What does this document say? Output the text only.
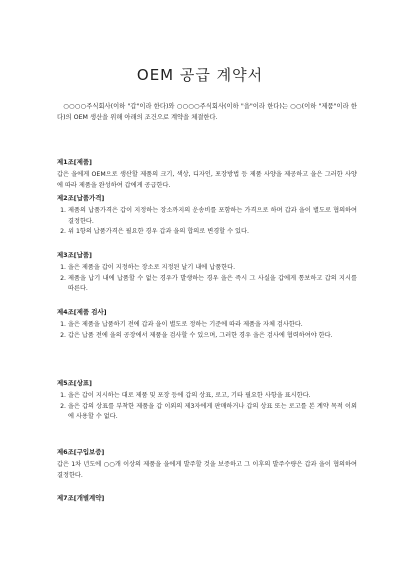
OEM 공급 계약서
○○○○주식회사(이하 "갑"이라 한다)와 ○○○○주식회사(이하 "을"이라 한다)는 ○○(이하 "제품"이라 한다)의 OEM 생산을 위해 아래의 조건으로 계약을 체결한다.
제1조[제품]
갑은 을에게 OEM으로 생산할 제품의 크기, 색상, 디자인, 포장방법 등 제품 사양을 제공하고 을은 그러한 사양에 따라 제품을 완성하여 갑에게 공급한다.
제2조[납품가격]
1. 제품의 납품가격은 갑이 지정하는 장소까지의 운송비를 포함하는 가격으로 하며 갑과 을이 별도로 협의하여 결정한다.
2. 위 1항의 납품가격은 필요한 경우 갑과 을의 합의로 변경할 수 있다.
제3조[납품]
1. 을은 제품을 갑이 지정하는 장소로 지정된 날기 내에 납품한다.
2. 제품을 납기 내에 납품할 수 없는 경우가 발생하는 경우 을은 즉시 그 사실을 갑에게 통보하고 갑의 지시를 따른다.
제4조[제품 검사]
1. 을은 제품을 납품하기 전에 갑과 을이 별도로 정하는 기준에 따라 제품을 자체 검사한다.
2. 갑은 납품 전에 을의 공장에서 제품을 검사할 수 있으며, 그러한 경우 을은 검사에 협력하여야 한다.
제5조[상표]
1. 을은 갑이 지시하는 대로 제품 및 포장 등에 갑의 상표, 로고, 기타 필요한 사항을 표시한다.
2. 을은 갑의 상표를 부착한 제품을 갑 이외의 제3자에게 판매하거나 갑의 상표 또는 로고를 본 계약 목적 이외에 사용할 수 없다.
제6조[구입보증]
갑은 1차 년도에 ○○개 이상의 제품을 을에게 발주할 것을 보증하고 그 이후의 발주수량은 갑과 을이 협의하여 결정한다.
제7조[개별계약]
